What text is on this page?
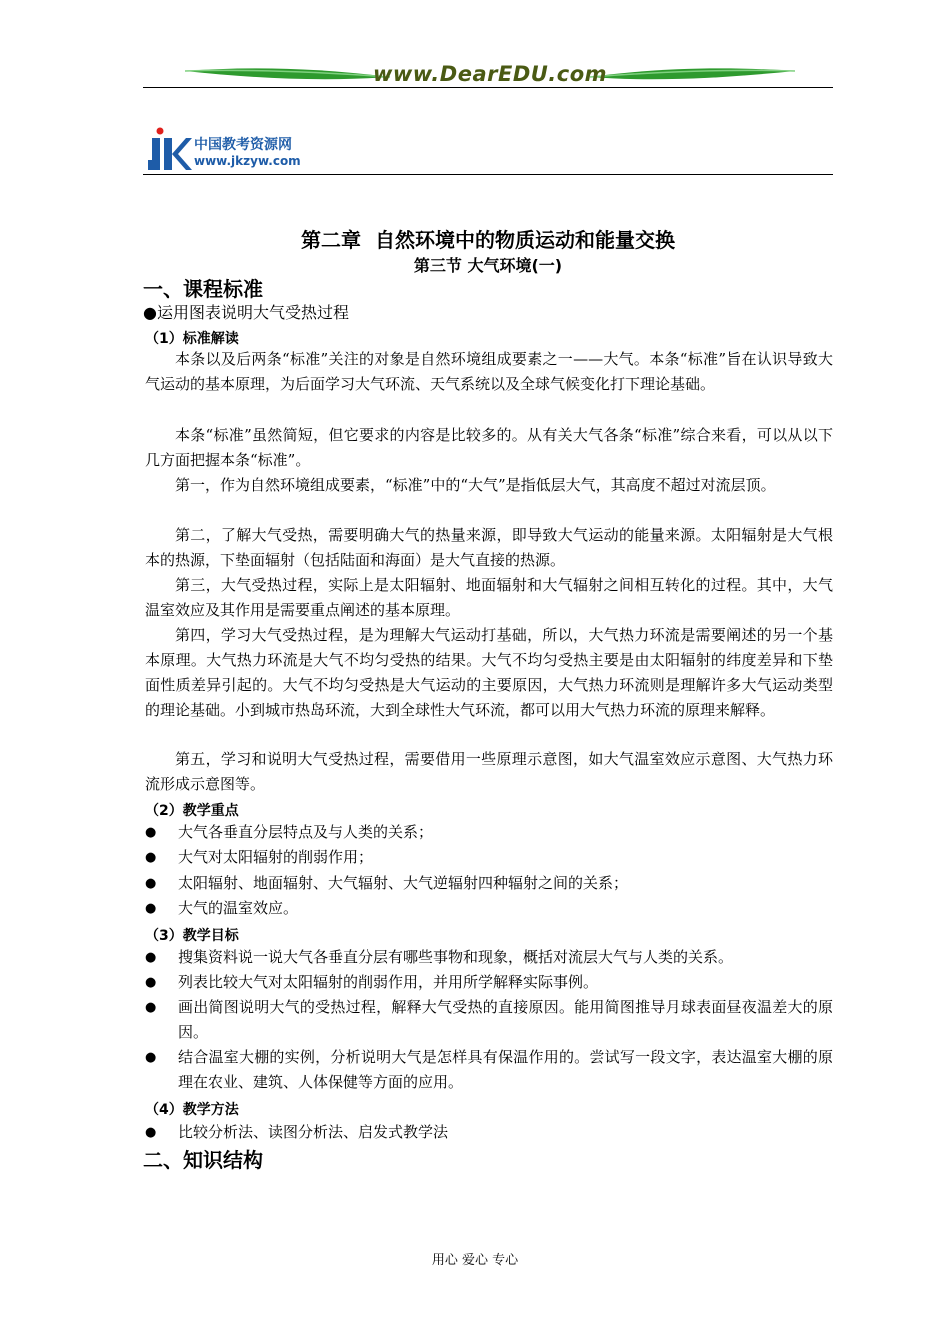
www.DearEDU.com
中国教考资源网
www.jkzyw.com
第二章  自然环境中的物质运动和能量交换
第三节 大气环境(一)
一、课程标准
●运用图表说明大气受热过程
（1）标准解读

本条以及后两条“标准”关注的对象是自然环境组成要素之一——大气。本条“标准”旨在认识导致大气运动的基本原理，为后面学习大气环流、天气系统以及全球气候变化打下理论基础。

本条“标准”虽然简短，但它要求的内容是比较多的。从有关大气各条“标准”综合来看，可以从以下几方面把握本条“标准”。

第一，作为自然环境组成要素，“标准”中的“大气”是指低层大气，其高度不超过对流层顶。

第二，了解大气受热，需要明确大气的热量来源，即导致大气运动的能量来源。太阳辐射是大气根本的热源，下垫面辐射（包括陆面和海面）是大气直接的热源。

第三，大气受热过程，实际上是太阳辐射、地面辐射和大气辐射之间相互转化的过程。其中，大气温室效应及其作用是需要重点阐述的基本原理。

第四，学习大气受热过程，是为理解大气运动打基础，所以，大气热力环流是需要阐述的另一个基本原理。大气热力环流是大气不均匀受热的结果。大气不均匀受热主要是由太阳辐射的纬度差异和下垫面性质差异引起的。大气不均匀受热是大气运动的主要原因，大气热力环流则是理解许多大气运动类型的理论基础。小到城市热岛环流，大到全球性大气环流，都可以用大气热力环流的原理来解释。

第五，学习和说明大气受热过程，需要借用一些原理示意图，如大气温室效应示意图、大气热力环流形成示意图等。

（2）教学重点
● 大气各垂直分层特点及与人类的关系；
● 大气对太阳辐射的削弱作用；
● 太阳辐射、地面辐射、大气辐射、大气逆辐射四种辐射之间的关系；
● 大气的温室效应。
（3）教学目标
● 搜集资料说一说大气各垂直分层有哪些事物和现象，概括对流层大气与人类的关系。
● 列表比较大气对太阳辐射的削弱作用，并用所学解释实际事例。
● 画出简图说明大气的受热过程，解释大气受热的直接原因。能用简图推导月球表面昼夜温差大的原因。
● 结合温室大棚的实例，分析说明大气是怎样具有保温作用的。尝试写一段文字，表达温室大棚的原理在农业、建筑、人体保健等方面的应用。
（4）教学方法
● 比较分析法、读图分析法、启发式教学法
二、知识结构
用心 爱心 专心
